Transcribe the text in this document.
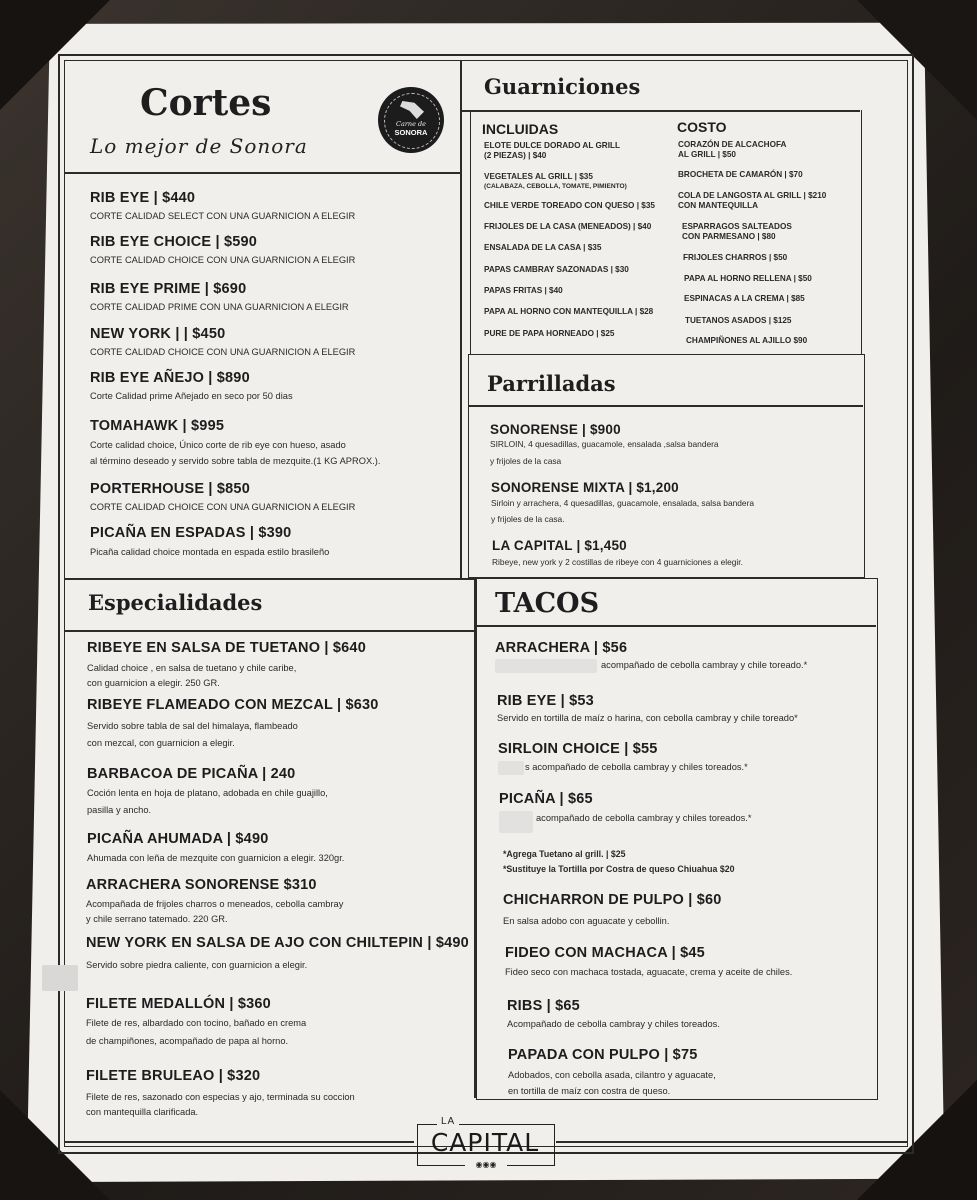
Cortes
Lo mejor de Sonora
Carne de
SONORA
RIB EYE | $440
CORTE CALIDAD SELECT CON UNA GUARNICION A ELEGIR
RIB EYE CHOICE | $590
CORTE CALIDAD CHOICE CON UNA GUARNICION A ELEGIR
RIB EYE PRIME | $690
CORTE CALIDAD PRIME CON UNA GUARNICION A ELEGIR
NEW YORK | | $450
CORTE CALIDAD CHOICE CON UNA GUARNICION A ELEGIR
RIB EYE AÑEJO | $890
Corte Calidad prime Añejado en seco por 50 dias
TOMAHAWK | $995
Corte calidad choice, Único corte de rib eye con hueso, asado
al término deseado y servido sobre tabla de mezquite.(1 KG APROX.).
PORTERHOUSE | $850
CORTE CALIDAD CHOICE CON UNA GUARNICION A ELEGIR
PICAÑA EN ESPADAS | $390
Picaña calidad choice montada en espada estilo brasileño
Guarniciones
INCLUIDAS	COSTO
ELOTE DULCE DORADO AL GRILL
(2 PIEZAS) | $40
VEGETALES AL GRILL | $35
(CALABAZA, CEBOLLA, TOMATE, PIMIENTO)
CHILE VERDE TOREADO CON QUESO | $35
FRIJOLES DE LA CASA (MENEADOS) | $40
ENSALADA DE LA CASA | $35
PAPAS CAMBRAY SAZONADAS | $30
PAPAS FRITAS | $40
PAPA AL HORNO CON MANTEQUILLA | $28
PURE DE PAPA HORNEADO | $25
CORAZÓN DE ALCACHOFA
AL GRILL | $50
BROCHETA DE CAMARÓN | $70
COLA DE LANGOSTA AL GRILL | $210
CON MANTEQUILLA
ESPARRAGOS SALTEADOS
CON PARMESANO | $80
FRIJOLES CHARROS | $50
PAPA AL HORNO RELLENA | $50
ESPINACAS A LA CREMA | $85
TUETANOS ASADOS | $125
CHAMPIÑONES AL AJILLO $90
Parrilladas
SONORENSE | $900
SIRLOIN, 4 quesadillas, guacamole, ensalada ,salsa bandera
y frijoles de la casa
SONORENSE MIXTA | $1,200
Sirloin y arrachera, 4 quesadillas, guacamole, ensalada, salsa bandera
y frijoles de la casa.
LA CAPITAL | $1,450
Ribeye, new york y 2 costillas de ribeye con 4 guarniciones a elegir.
Especialidades
RIBEYE EN SALSA DE TUETANO | $640
Calidad choice , en salsa de tuetano y chile caribe,
con guarnicion a elegir. 250 GR.
RIBEYE FLAMEADO CON MEZCAL | $630
Servido sobre tabla de sal del himalaya, flambeado
con mezcal, con guarnicion a elegir.
BARBACOA DE PICAÑA | 240
Coción lenta en hoja de platano, adobada en chile guajillo,
pasilla y ancho.
PICAÑA AHUMADA | $490
Ahumada con leña de mezquite con guarnicion a elegir. 320gr.
ARRACHERA SONORENSE $310
Acompañada de frijoles charros o meneados, cebolla cambray
y chile serrano tatemado. 220 GR.
NEW YORK EN SALSA DE AJO CON CHILTEPIN | $490
Servido sobre piedra caliente, con guarnicion a elegir.
FILETE MEDALLÓN | $360
Filete de res, albardado con tocino, bañado en crema
de champiñones, acompañado de papa al horno.
FILETE BRULEAO | $320
Filete de res, sazonado con especias y ajo, terminada su coccion
con mantequilla clarificada.
TACOS
ARRACHERA | $56
acompañado de cebolla cambray y chile toreado.*
RIB EYE | $53
Servido en tortilla de maíz o harina, con cebolla cambray y chile toreado*
SIRLOIN CHOICE | $55
s acompañado de cebolla cambray y chiles toreados.*
PICAÑA | $65
acompañado de cebolla cambray y chiles toreados.*
*Agrega Tuetano al grill. | $25
*Sustituye la Tortilla por Costra de queso Chiuahua $20
CHICHARRON DE PULPO | $60
En salsa adobo con aguacate y cebollin.
FIDEO CON MACHACA | $45
Fideo seco con machaca tostada, aguacate, crema y aceite de chiles.
RIBS | $65
Acompañado de cebolla cambray y chiles toreados.
PAPADA CON PULPO | $75
Adobados, con cebolla asada, cilantro y aguacate,
en tortilla de maíz con costra de queso.
LA
CAPITAL
◉◉◉
